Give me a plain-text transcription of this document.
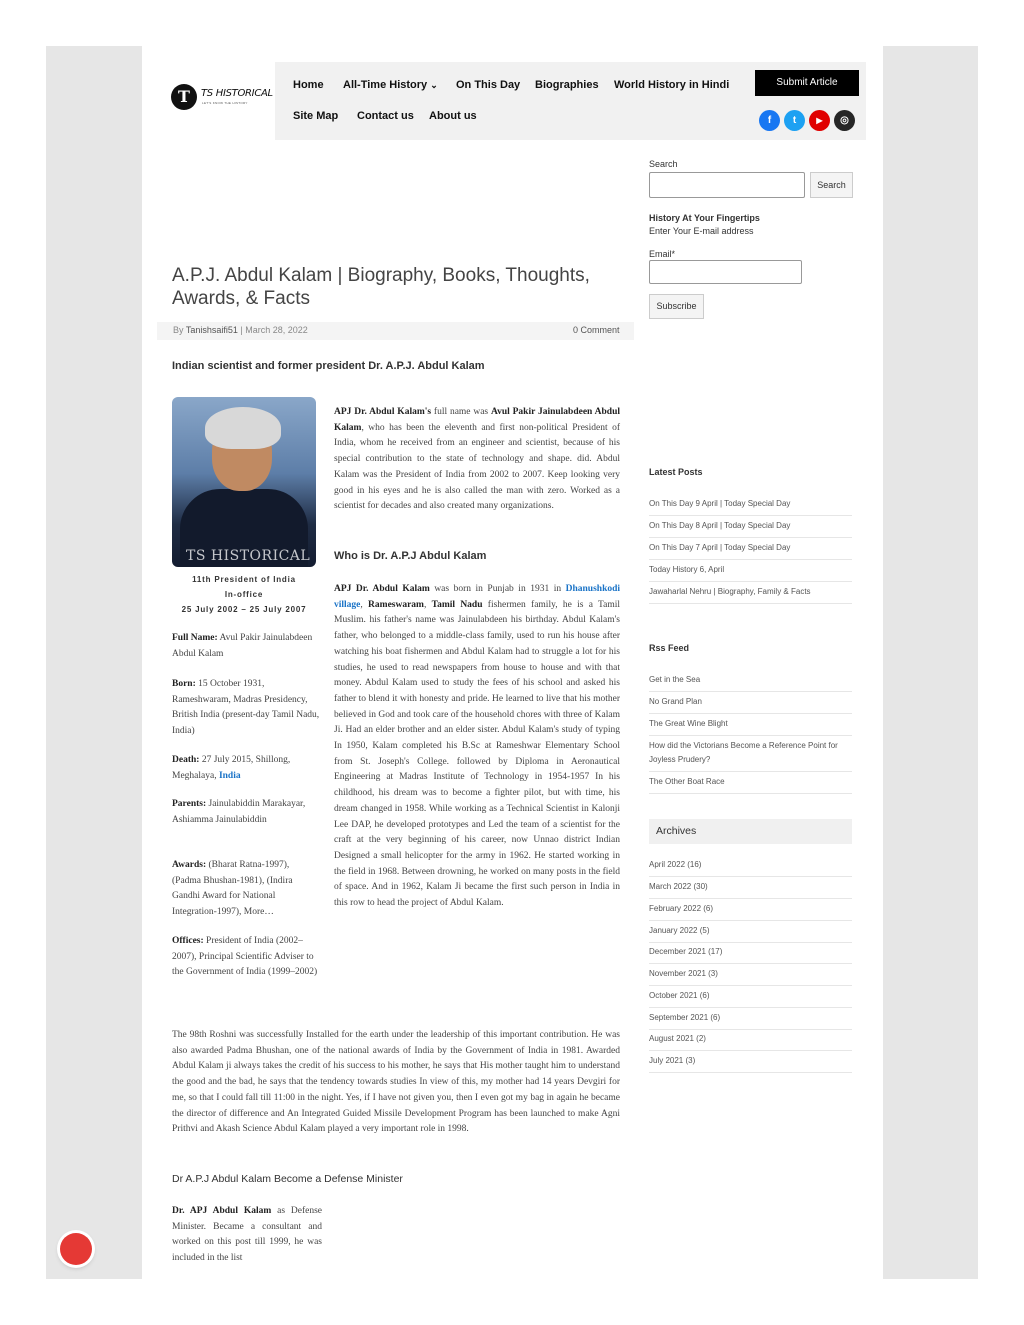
T	TS HISTORICAL
LET'S KNOW THE HISTORY
Home All-Time History ⌄ On This Day Biographies World History in Hindi
Site Map Contact us About us
Submit Article
f	t	▶	◎
A.P.J. Abdul Kalam | Biography, Books, Thoughts, Awards, & Facts
By Tanishsaifi51 | March 28, 2022	0 Comment
Indian scientist and former president Dr. A.P.J. Abdul Kalam
TS HISTORICAL
11th President of India
In-office
25 July 2002 – 25 July 2007
Full Name: Avul Pakir Jainulabdeen Abdul Kalam
Born: 15 October 1931, Rameshwaram, Madras Presidency, British India (present-day Tamil Nadu, India)
Death: 27 July 2015, Shillong, Meghalaya, India
Parents: Jainulabiddin Marakayar, Ashiamma Jainulabiddin
Awards: (Bharat Ratna-1997), (Padma Bhushan-1981), (Indira Gandhi Award for National Integration-1997), More…
Offices: President of India (2002–2007), Principal Scientific Adviser to the Government of India (1999–2002)
APJ Dr. Abdul Kalam's full name was Avul Pakir Jainulabdeen Abdul Kalam, who has been the eleventh and first non-political President of India, whom he received from an engineer and scientist, because of his special contribution to the state of technology and shape. did. Abdul Kalam was the President of India from 2002 to 2007. Keep looking very good in his eyes and he is also called the man with zero. Worked as a scientist for decades and also created many organizations.
Who is Dr. A.P.J Abdul Kalam
APJ Dr. Abdul Kalam was born in Punjab in 1931 in Dhanushkodi village, Rameswaram, Tamil Nadu fishermen family, he is a Tamil Muslim. his father's name was Jainulabdeen his birthday. Abdul Kalam's father, who belonged to a middle-class family, used to run his house after watching his boat fishermen and Abdul Kalam had to struggle a lot for his studies, he used to read newspapers from house to house and with that money. Abdul Kalam used to study the fees of his school and asked his father to blend it with honesty and pride. He learned to live that his mother believed in God and took care of the household chores with three of Kalam Ji. Had an elder brother and an elder sister. Abdul Kalam's study of typing In 1950, Kalam completed his B.Sc at Rameshwar Elementary School from St. Joseph's College. followed by Diploma in Aeronautical Engineering at Madras Institute of Technology in 1954-1957 In his childhood, his dream was to become a fighter pilot, but with time, his dream changed in 1958. While working as a Technical Scientist in Kalonji Lee DAP, he developed prototypes and Led the team of a scientist for the craft at the very beginning of his career, now Unnao district Indian Designed a small helicopter for the army in 1962. He started working in the field in 1968. Between drowning, he worked on many posts in the field of space. And in 1962, Kalam Ji became the first such person in India in this row to head the project of Abdul Kalam.
The 98th Roshni was successfully Installed for the earth under the leadership of this important contribution. He was also awarded Padma Bhushan, one of the national awards of India by the Government of India in 1981. Awarded Abdul Kalam ji always takes the credit of his success to his mother, he says that His mother taught him to understand the good and the bad, he says that the tendency towards studies In view of this, my mother had 14 years Devgiri for me, so that I could fall till 11:00 in the night. Yes, if I have not given you, then I even got my bag in again he became the director of difference and An Integrated Guided Missile Development Program has been launched to make Agni Prithvi and Akash Science Abdul Kalam played a very important role in 1998.
Dr A.P.J Abdul Kalam Become a Defense Minister
Dr. APJ Abdul Kalam as Defense Minister. Became a consultant and worked on this post till 1999, he was included in the list
Search
Search
History At Your Fingertips
Enter Your E-mail address
Email*
Subscribe
Latest Posts
On This Day 9 April | Today Special Day
On This Day 8 April | Today Special Day
On This Day 7 April | Today Special Day
Today History 6, April
Jawaharlal Nehru | Biography, Family & Facts
Rss Feed
Get in the Sea
No Grand Plan
The Great Wine Blight
How did the Victorians Become a Reference Point for Joyless Prudery?
The Other Boat Race
Archives
April 2022 (16)
March 2022 (30)
February 2022 (6)
January 2022 (5)
December 2021 (17)
November 2021 (3)
October 2021 (6)
September 2021 (6)
August 2021 (2)
July 2021 (3)
